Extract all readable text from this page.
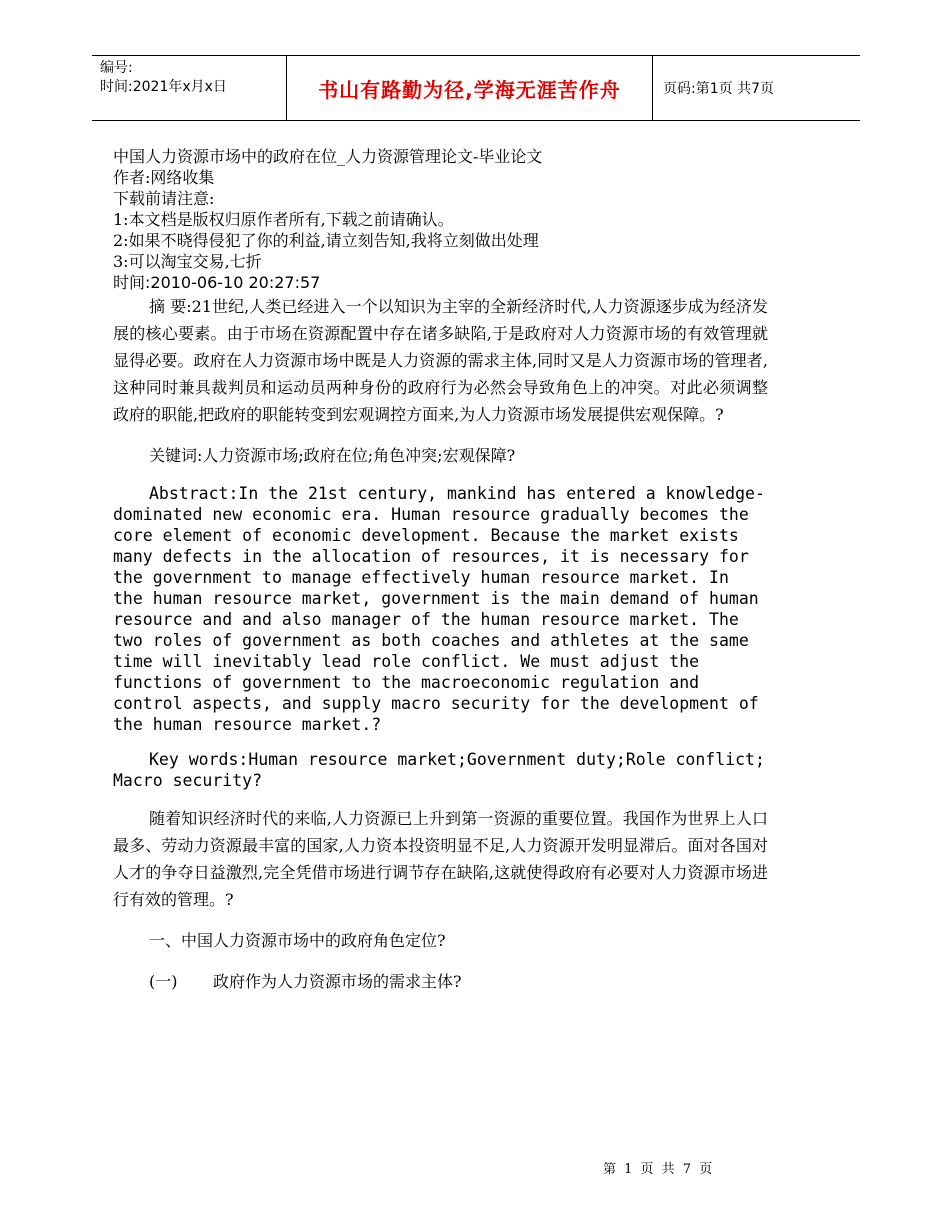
编号:
时间:2021年x月x日	书山有路勤为径,学海无涯苦作舟	页码:第1页 共7页
中国人力资源市场中的政府在位_人力资源管理论文-毕业论文
作者:网络收集
下载前请注意:
1:本文档是版权归原作者所有,下载之前请确认。
2:如果不晓得侵犯了你的利益,请立刻告知,我将立刻做出处理
3:可以淘宝交易,七折
时间:2010-06-10 20:27:57

摘 要:21世纪,人类已经进入一个以知识为主宰的全新经济时代,人力资源逐步成为经济发展的核心要素。由于市场在资源配置中存在诸多缺陷,于是政府对人力资源市场的有效管理就显得必要。政府在人力资源市场中既是人力资源的需求主体,同时又是人力资源市场的管理者,这种同时兼具裁判员和运动员两种身份的政府行为必然会导致角色上的冲突。对此必须调整政府的职能,把政府的职能转变到宏观调控方面来,为人力资源市场发展提供宏观保障。?

关键词:人力资源市场;政府在位;角色冲突;宏观保障?

Abstract:In the 21st century, mankind has entered a knowledge-dominated new economic era. Human resource gradually becomes the core element of economic development. Because the market exists many defects in the allocation of resources, it is necessary for the government to manage effectively human resource market. In the human resource market, government is the main demand of human resource and and also manager of the human resource market. The two roles of government as both coaches and athletes at the same time will inevitably lead role conflict. We must adjust the functions of government to the macroeconomic regulation and control aspects, and supply macro security for the development of the human resource market.?

Key words:Human resource market;Government duty;Role conflict; Macro security?

随着知识经济时代的来临,人力资源已上升到第一资源的重要位置。我国作为世界上人口最多、劳动力资源最丰富的国家,人力资本投资明显不足,人力资源开发明显滞后。面对各国对人才的争夺日益激烈,完全凭借市场进行调节存在缺陷,这就使得政府有必要对人力资源市场进行有效的管理。?

一、中国人力资源市场中的政府角色定位?

(一) 政府作为人力资源市场的需求主体?

第 1 页 共 7 页
